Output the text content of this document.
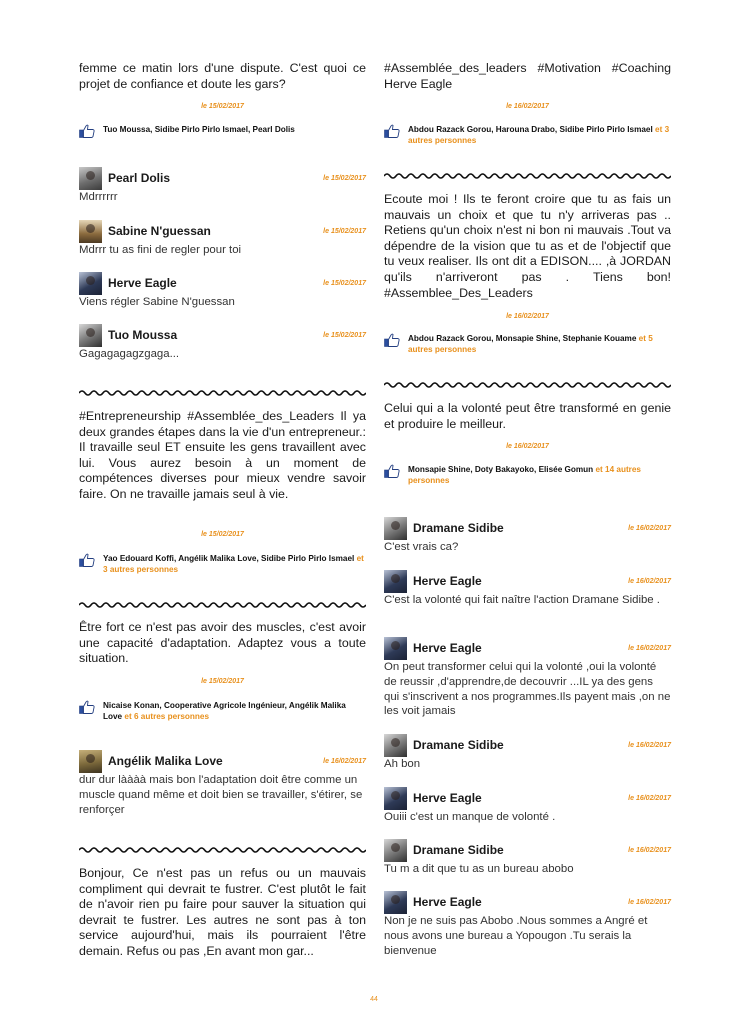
femme ce matin lors d'une dispute. C'est quoi ce projet de confiance et doute les gars?
le 15/02/2017
Tuo Moussa, Sidibe Pirlo Pirlo Ismael, Pearl Dolis
Pearl Dolis	le 15/02/2017
Mdrrrrrr
Sabine N'guessan	le 15/02/2017
Mdrrr tu as fini de regler pour toi
Herve Eagle	le 15/02/2017
Viens régler Sabine N'guessan
Tuo Moussa	le 15/02/2017
Gagagagagzgaga...
#Entrepreneurship #Assemblée_des_Leaders Il ya deux grandes étapes dans la vie d'un entrepreneur.: Il travaille seul ET ensuite les gens travaillent avec lui. Vous aurez besoin à un moment de compétences diverses pour mieux vendre savoir faire. On ne travaille jamais seul à vie.
le 15/02/2017
Yao Edouard Koffi, Angélik Malika Love, Sidibe Pirlo Pirlo Ismael et 3 autres personnes
Être fort ce n'est pas avoir des muscles, c'est avoir une capacité d'adaptation. Adaptez vous a toute situation.
le 15/02/2017
Nicaise Konan, Cooperative Agricole Ingénieur, Angélik Malika Love et 6 autres personnes
Angélik Malika Love	le 16/02/2017
dur dur làààà mais bon l'adaptation doit être comme un muscle quand même et doit bien se travailler, s'étirer, se renforçer
Bonjour, Ce n'est pas un refus ou un mauvais compliment qui devrait te fustrer. C'est plutôt le fait de n'avoir rien pu faire pour sauver la situation qui devrait te fustrer. Les autres ne sont pas à ton service aujourd'hui, mais ils pourraient l'être demain. Refus ou pas ,En avant mon gar...
#Assemblée_des_leaders #Motivation #Coaching Herve Eagle
le 16/02/2017
Abdou Razack Gorou, Harouna Drabo, Sidibe Pirlo Pirlo Ismael et 3 autres personnes
Ecoute moi ! Ils te feront croire que tu as fais un mauvais un choix et que tu n'y arriveras pas .. Retiens qu'un choix n'est ni bon ni mauvais .Tout va dépendre de la vision que tu as et de l'objectif que tu veux realiser. Ils ont dit a EDISON.... ,à JORDAN qu'ils n'arriveront pas . Tiens bon! #Assemblee_Des_Leaders
le 16/02/2017
Abdou Razack Gorou, Monsapie Shine, Stephanie Kouame et 5 autres personnes
Celui qui a la volonté peut être transformé en genie et produire le meilleur.
le 16/02/2017
Monsapie Shine, Doty Bakayoko, Elisée Gomun et 14 autres personnes
Dramane Sidibe	le 16/02/2017
C'est vrais ca?
Herve Eagle	le 16/02/2017
C'est la volonté qui fait naître l'action Dramane Sidibe .
Herve Eagle	le 16/02/2017
On peut transformer celui qui la volonté ,oui la volonté de reussir ,d'apprendre,de decouvrir ...IL ya des gens qui s'inscrivent a nos programmes.Ils payent mais ,on ne les voit jamais
Dramane Sidibe	le 16/02/2017
Ah bon
Herve Eagle	le 16/02/2017
Ouiii c'est un manque de volonté .
Dramane Sidibe	le 16/02/2017
Tu m a dit que tu as un bureau abobo
Herve Eagle	le 16/02/2017
Non je ne suis pas Abobo .Nous sommes a Angré et nous avons une bureau a Yopougon .Tu serais la bienvenue
44
